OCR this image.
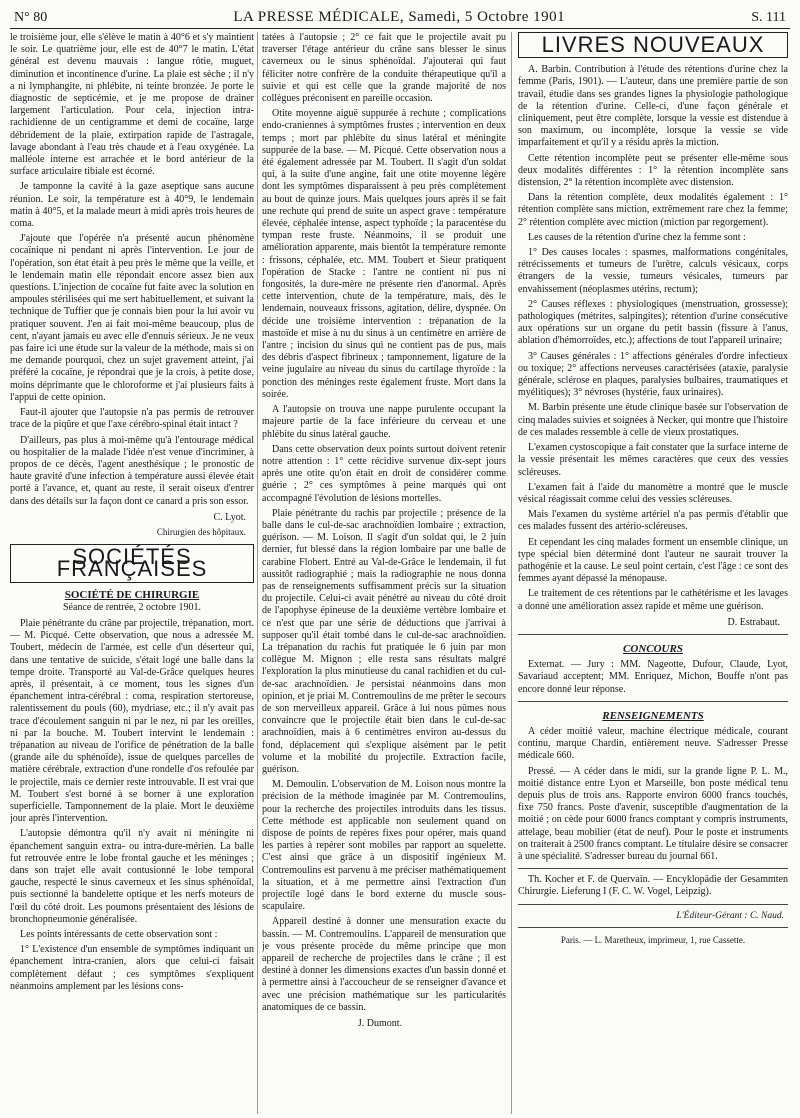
N° 80	LA PRESSE MÉDICALE, Samedi, 5 Octobre 1901	S. 111

le troisième jour, elle s'élève le matin à 40°6 et s'y maintient le soir. Le quatrième jour, elle est de 40°7 le matin. L'état général est devenu mauvais : langue rôtie, muguet, diminution et incontinence d'urine. La plaie est sèche ; il n'y a ni lymphangite, ni phlébite, ni teinte bronzée. Je porte le diagnostic de septicémie, et je me propose de drainer largement l'articulation. Pour cela, injection intra-rachidienne de un centigramme et demi de cocaïne, large débridement de la plaie, extirpation rapide de l'astragale, lavage abondant à l'eau très chaude et à l'eau oxygénée. La malléole interne est arrachée et le bord antérieur de la surface articulaire tibiale est écorné.

Je tamponne la cavité à la gaze aseptique sans aucune réunion. Le soir, la température est à 40°9, le lendemain matin à 40°5, et la malade meurt à midi après trois heures de coma.

J'ajoute que l'opérée n'a présenté aucun phénomène cocaïnique ni pendant ni après l'intervention. Le jour de l'opération, son état était à peu près le même que la veille, et le lendemain matin elle répondait encore assez bien aux questions. L'injection de cocaïne fut faite avec la solution en ampoules stérilisées qui me sert habituellement, et suivant la technique de Tuffier que je connais bien pour la lui avoir vu pratiquer souvent. J'en ai fait moi-même beaucoup, plus de cent, n'ayant jamais eu avec elle d'ennuis sérieux. Je ne veux pas faire ici une étude sur la valeur de la méthode, mais si on me demande pourquoi, chez un sujet gravement atteint, j'ai préféré la cocaïne, je répondrai que je la crois, à petite dose, moins déprimante que le chloroforme et j'ai plusieurs faits à l'appui de cette opinion.

Faut-il ajouter que l'autopsie n'a pas permis de retrouver trace de la piqûre et que l'axe cérébro-spinal était intact ?

D'ailleurs, pas plus à moi-même qu'à l'entourage médical ou hospitalier de la malade l'idée n'est venue d'incriminer, à propos de ce décès, l'agent anesthésique ; le pronostic de haute gravité d'une infection à température aussi élevée était porté à l'avance, et, quant au reste, il serait oiseux d'entrer dans des détails sur la façon dont ce canard a pris son essor.

C. Lyot.

Chirurgien des hôpitaux.

SOCIÉTÉS FRANÇAISES
SOCIÉTÉ DE CHIRURGIE
Séance de rentrée, 2 octobre 1901.

Plaie pénétrante du crâne par projectile, trépanation, mort. — M. Picqué. Cette observation, que nous a adressée M. Toubert, médecin de l'armée, est celle d'un déserteur qui, dans une tentative de suicide, s'était logé une balle dans la tempe droite. Transporté au Val-de-Grâce quelques heures après, il présentait, à ce moment, tous les signes d'un épanchement intra-cérébral : coma, respiration stertoreuse, ralentissement du pouls (60), mydriase, etc.; il n'y avait pas trace d'écoulement sanguin ni par le nez, ni par les oreilles, ni par la bouche. M. Toubert intervint le lendemain : trépanation au niveau de l'orifice de pénétration de la balle (grande aile du sphénoïde), issue de quelques parcelles de matière cérébrale, extraction d'une rondelle d'os refoulée par le projectile, mais ce dernier reste introuvable. Il est vrai que M. Toubert s'est borné à se borner à une exploration superficielle. Tamponnement de la plaie. Mort le deuxième jour après l'intervention.

L'autopsie démontra qu'il n'y avait ni méningite ni épanchement sanguin extra- ou intra-dure-mérien. La balle fut retrouvée entre le lobe frontal gauche et les méninges ; dans son trajet elle avait contusionné le lobe temporal gauche, respecté le sinus caverneux et les sinus sphénoïdal, puis sectionné la bandelette optique et les nerfs moteurs de l'œil du côté droit. Les poumons présentaient des lésions de bronchopneumonie généralisée.

Les points intéressants de cette observation sont :

1° L'existence d'un ensemble de symptômes indiquant un épanchement intra-cranien, alors que celui-ci faisait complètement défaut ; ces symptômes s'expliquent néanmoins amplement par les lésions cons-

tatées à l'autopsie ; 2° ce fait que le projectile avait pu traverser l'étage antérieur du crâne sans blesser le sinus caverneux ou le sinus sphénoïdal. J'ajouterai qui faut féliciter notre confrère de la conduite thérapeutique qu'il a suivie et qui est celle que la grande majorité de nos collègues préconisent en pareille occasion.

Otite moyenne aiguë suppurée à rechute ; complications endo-craniennes à symptômes frustes ; intervention en deux temps ; mort par phlébite du sinus latéral et méningite suppurée de la base. — M. Picqué. Cette observation nous a été également adressée par M. Toubert. Il s'agit d'un soldat qui, à la suite d'une angine, fait une otite moyenne légère dont les symptômes disparaissent à peu près complètement au bout de quinze jours. Mais quelques jours après il se fait une rechute qui prend de suite un aspect grave : température élevée, céphalée intense, aspect typhoïde ; la paracentèse du tympan reste fruste. Néanmoins, il se produit une amélioration apparente, mais bientôt la température remonte : frissons, céphalée, etc. MM. Toubert et Sieur pratiquent l'opération de Stacke : l'antre ne contient ni pus ni fongosités, la dure-mère ne présente rien d'anormal. Après cette intervention, chute de la température, mais, dès le lendemain, nouveaux frissons, agitation, délire, dyspnée. On décide une troisième intervention : trépanation de la mastoïde et mise à nu du sinus à un centimètre en arrière de l'antre ; incision du sinus qui ne contient pas de pus, mais des débris d'aspect fibrineux ; tamponnement, ligature de la veine jugulaire au niveau du sinus du cartilage thyroïde : la ponction des méninges reste également fruste. Mort dans la soirée.

A l'autopsie on trouva une nappe purulente occupant la majeure partie de la face inférieure du cerveau et une phlébite du sinus latéral gauche.

Dans cette observation deux points surtout doivent retenir notre attention : 1° cette récidive survenue dix-sept jours après une otite qu'on était en droit de considérer comme guérie ; 2° ces symptômes à peine marqués qui ont accompagné l'évolution de lésions mortelles.

Plaie pénétrante du rachis par projectile ; présence de la balle dans le cul-de-sac arachnoïdien lombaire ; extraction, guérison. — M. Loison. Il s'agit d'un soldat qui, le 2 juin dernier, fut blessé dans la région lombaire par une balle de carabine Flobert. Entré au Val-de-Grâce le lendemain, il fut aussitôt radiographié ; mais la radiographie ne nous donna pas de renseignements suffisamment précis sur la situation du projectile. Celui-ci avait pénétré au niveau du côté droit de l'apophyse épineuse de la deuxième vertèbre lombaire et ce n'est que par une série de déductions que j'arrivai à supposer qu'il était tombé dans le cul-de-sac arachnoïdien. La trépanation du rachis fut pratiquée le 6 juin par mon collègue M. Mignon ; elle resta sans résultats malgré l'exploration la plus minutieuse du canal rachidien et du cul-de-sac arachnoïdien. Je persistai néanmoins dans mon opinion, et je priai M. Contremoulins de me prêter le secours de son merveilleux appareil. Grâce à lui nous pûmes nous convaincre que le projectile était bien dans le cul-de-sac arachnoïdien, mais à 6 centimètres environ au-dessus du fond, déplacement qui s'explique aisément par le petit volume et la mobilité du projectile. Extraction facile, guérison.

M. Demoulin. L'observation de M. Loison nous montre la précision de la méthode imaginée par M. Contremoulins, pour la recherche des projectiles introduits dans les tissus. Cette méthode est applicable non seulement quand on dispose de points de repères fixes pour opérer, mais quand les parties à repérer sont mobiles par rapport au squelette. C'est ainsi que grâce à un dispositif ingénieux M. Contremoulins est parvenu à me préciser mathématiquement la situation, et à me permettre ainsi l'extraction d'un projectile logé dans le bord externe du muscle sous-scapulaire.

Appareil destiné à donner une mensuration exacte du bassin. — M. Contremoulins. L'appareil de mensuration que je vous présente procède du même principe que mon appareil de recherche de projectiles dans le crâne ; il est destiné à donner les dimensions exactes d'un bassin donné et à permettre ainsi à l'accoucheur de se renseigner d'avance et avec une précision mathématique sur les particularités anatomiques de ce bassin.

J. Dumont.

LIVRES NOUVEAUX

A. Barbin. Contribution à l'étude des rétentions d'urine chez la femme (Paris, 1901). — L'auteur, dans une première partie de son travail, étudie dans ses grandes lignes la physiologie pathologique de la rétention d'urine. Celle-ci, d'une façon générale et cliniquement, peut être complète, lorsque la vessie est distendue à son maximum, ou incomplète, lorsque la vessie se vide imparfaitement et qu'il y a résidu après la miction.

Cette rétention incomplète peut se présenter elle-même sous deux modalités différentes : 1° la rétention incomplète sans distension, 2° la rétention incomplète avec distension.

Dans la rétention complète, deux modalités également : 1° rétention complète sans miction, extrêmement rare chez la femme; 2° rétention complète avec miction (miction par regorgement).

Les causes de la rétention d'urine chez la femme sont :

1° Des causes locales : spasmes, malformations congénitales, rétrécissements et tumeurs de l'urètre, calculs vésicaux, corps étrangers de la vessie, tumeurs vésicales, tumeurs par envahissement (néoplasmes utérins, rectum);

2° Causes réflexes : physiologiques (menstruation, grossesse); pathologiques (métrites, salpingites); rétention d'urine consécutive aux opérations sur un organe du petit bassin (fissure à l'anus, ablation d'hémorroïdes, etc.); affections de tout l'appareil urinaire;

3° Causes générales : 1° affections générales d'ordre infectieux ou toxique; 2° affections nerveuses caractérisées (ataxie, paralysie générale, sclérose en plaques, paralysies bulbaires, traumatiques et myélitiques); 3° névroses (hystérie, faux urinaires).

M. Barbin présente une étude clinique basée sur l'observation de cinq malades suivies et soignées à Necker, qui montre que l'histoire de ces malades ressemble à celle de vieux prostatiques.

L'examen cystoscopique a fait constater que la surface interne de la vessie présentait les mêmes caractères que ceux des vessies scléreuses.

L'examen fait à l'aide du manomètre a montré que le muscle vésical réagissait comme celui des vessies scléreuses.

Mais l'examen du système artériel n'a pas permis d'établir que ces malades fussent des artério-scléreuses.

Et cependant les cinq malades forment un ensemble clinique, un type spécial bien déterminé dont l'auteur ne saurait trouver la pathogénie et la cause. Le seul point certain, c'est l'âge : ce sont des femmes ayant dépassé la ménopause.

Le traitement de ces rétentions par le cathétérisme et les lavages a donné une amélioration assez rapide et même une guérison.

D. Estrabaut.

CONCOURS

Externat. — Jury : MM. Nageotte, Dufour, Claude, Lyot, Savariaud acceptent; MM. Enriquez, Michon, Bouffe n'ont pas encore donné leur réponse.

RENSEIGNEMENTS

A céder moitié valeur, machine électrique médicale, courant continu, marque Chardin, entièrement neuve. S'adresser Presse médicale 660.

Pressé. — A céder dans le midi, sur la grande ligne P. L. M., moitié distance entre Lyon et Marseille, bon poste médical tenu depuis plus de trois ans. Rapporte environ 6000 francs touchés, fixe 750 francs. Poste d'avenir, susceptible d'augmentation de la moitié ; on cède pour 6000 francs comptant y compris instruments, attelage, beau mobilier (état de neuf). Pour le poste et instruments on traiterait à 2500 francs comptant. Le titulaire désire se consacrer à une spécialité. S'adresser bureau du journal 661.

Th. Kocher et F. de Quervain. — Encyklopädie der Gesammten Chirurgie. Lieferung I (F. C. W. Vogel, Leipzig).

L'Éditeur-Gérant : C. Naud.
Paris. — L. Maretheux, imprimeur, 1, rue Cassette.
